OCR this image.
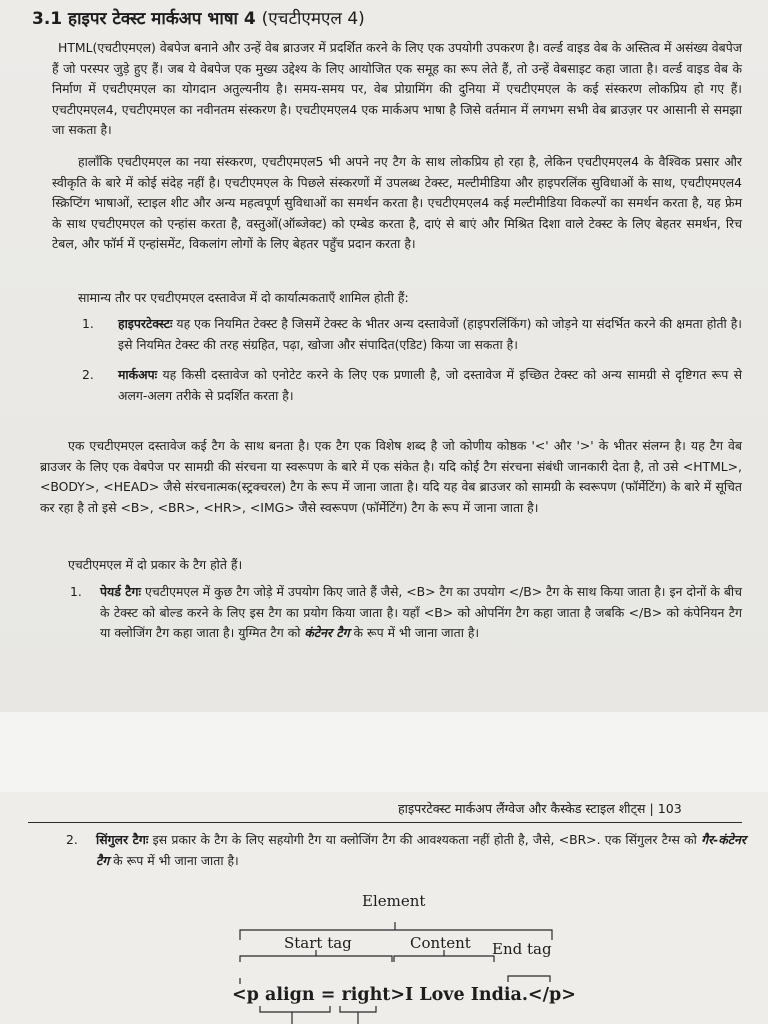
3.1 हाइपर टेक्स्ट मार्कअप भाषा 4 (एचटीएमएल 4)

HTML(एचटीएमएल) वेबपेज बनाने और उन्हें वेब ब्राउजर में प्रदर्शित करने के लिए एक उपयोगी उपकरण है। वर्ल्ड वाइड वेब के अस्तित्व में असंख्य वेबपेज हैं जो परस्पर जुड़े हुए हैं। जब ये वेबपेज एक मुख्य उद्देश्य के लिए आयोजित एक समूह का रूप लेते हैं, तो उन्हें वेबसाइट कहा जाता है। वर्ल्ड वाइड वेब के निर्माण में एचटीएमएल का योगदान अतुल्यनीय है। समय-समय पर, वेब प्रोग्रामिंग की दुनिया में एचटीएमएल के कई संस्करण लोकप्रिय हो गए हैं। एचटीएमएल4, एचटीएमएल का नवीनतम संस्करण है। एचटीएमएल4 एक मार्कअप भाषा है जिसे वर्तमान में लगभग सभी वेब ब्राउज़र पर आसानी से समझा जा सकता है।

हालाँकि एचटीएमएल का नया संस्करण, एचटीएमएल5 भी अपने नए टैग के साथ लोकप्रिय हो रहा है, लेकिन एचटीएमएल4 के वैश्विक प्रसार और स्वीकृति के बारे में कोई संदेह नहीं है। एचटीएमएल के पिछले संस्करणों में उपलब्ध टेक्स्ट, मल्टीमीडिया और हाइपरलिंक सुविधाओं के साथ, एचटीएमएल4 स्क्रिप्टिंग भाषाओं, स्टाइल शीट और अन्य महत्वपूर्ण सुविधाओं का समर्थन करता है। एचटीएमएल4 कई मल्टीमीडिया विकल्पों का समर्थन करता है, यह फ्रेम के साथ एचटीएमएल को एन्हांस करता है, वस्तुओं(ऑब्जेक्ट) को एम्बेड करता है, दाएं से बाएं और मिश्रित दिशा वाले टेक्स्ट के लिए बेहतर समर्थन, रिच टेबल, और फॉर्म में एन्हांसमेंट, विकलांग लोगों के लिए बेहतर पहुँच प्रदान करता है।

सामान्य तौर पर एचटीएमएल दस्तावेज में दो कार्यात्मकताएँ शामिल होती हैं:

1. हाइपरटेक्स्टः यह एक नियमित टेक्स्ट है जिसमें टेक्स्ट के भीतर अन्य दस्तावेजों (हाइपरलिंकिंग) को जोड़ने या संदर्भित करने की क्षमता होती है। इसे नियमित टेक्स्ट की तरह संग्रहित, पढ़ा, खोजा और संपादित(एडिट) किया जा सकता है।
2. मार्कअपः यह किसी दस्तावेज को एनोटेट करने के लिए एक प्रणाली है, जो दस्तावेज में इच्छित टेक्स्ट को अन्य सामग्री से दृष्टिगत रूप से अलग-अलग तरीके से प्रदर्शित करता है।

एक एचटीएमएल दस्तावेज कई टैग के साथ बनता है। एक टैग एक विशेष शब्द है जो कोणीय कोष्ठक '<' और '>' के भीतर संलग्न है। यह टैग वेब ब्राउजर के लिए एक वेबपेज पर सामग्री की संरचना या स्वरूपण के बारे में एक संकेत है। यदि कोई टैग संरचना संबंधी जानकारी देता है, तो उसे <HTML>, <BODY>, <HEAD> जैसे संरचनात्मक(स्ट्रक्चरल) टैग के रूप में जाना जाता है। यदि यह वेब ब्राउजर को सामग्री के स्वरूपण (फॉर्मेटिंग) के बारे में सूचित कर रहा है तो इसे <B>, <BR>, <HR>, <IMG> जैसे स्वरूपण (फॉर्मेटिंग) टैग के रूप में जाना जाता है।

एचटीएमएल में दो प्रकार के टैग होते हैं।

1. पेयर्ड टैगः एचटीएमएल में कुछ टैग जोड़े में उपयोग किए जाते हैं जैसे, <B> टैग का उपयोग </B> टैग के साथ किया जाता है। इन दोनों के बीच के टेक्स्ट को बोल्ड करने के लिए इस टैग का प्रयोग किया जाता है। यहाँ <B> को ओपनिंग टैग कहा जाता है जबकि </B> को कंपेनियन टैग या क्लोजिंग टैग कहा जाता है। युग्मित टैग को कंटेनर टैग के रूप में भी जाना जाता है।
हाइपरटेक्स्ट मार्कअप लैंग्वेज और कैस्केड स्टाइल शीट्स | 103
2. सिंगुलर टैगः इस प्रकार के टैग के लिए सहयोगी टैग या क्लोजिंग टैग की आवश्यकता नहीं होती है, जैसे, <BR>. एक सिंगुलर टैग्स को गैर-कंटेनर टैग के रूप में भी जाना जाता है।
Element
Start tag	Content End tag
<p align = right>I Love India.</p>
